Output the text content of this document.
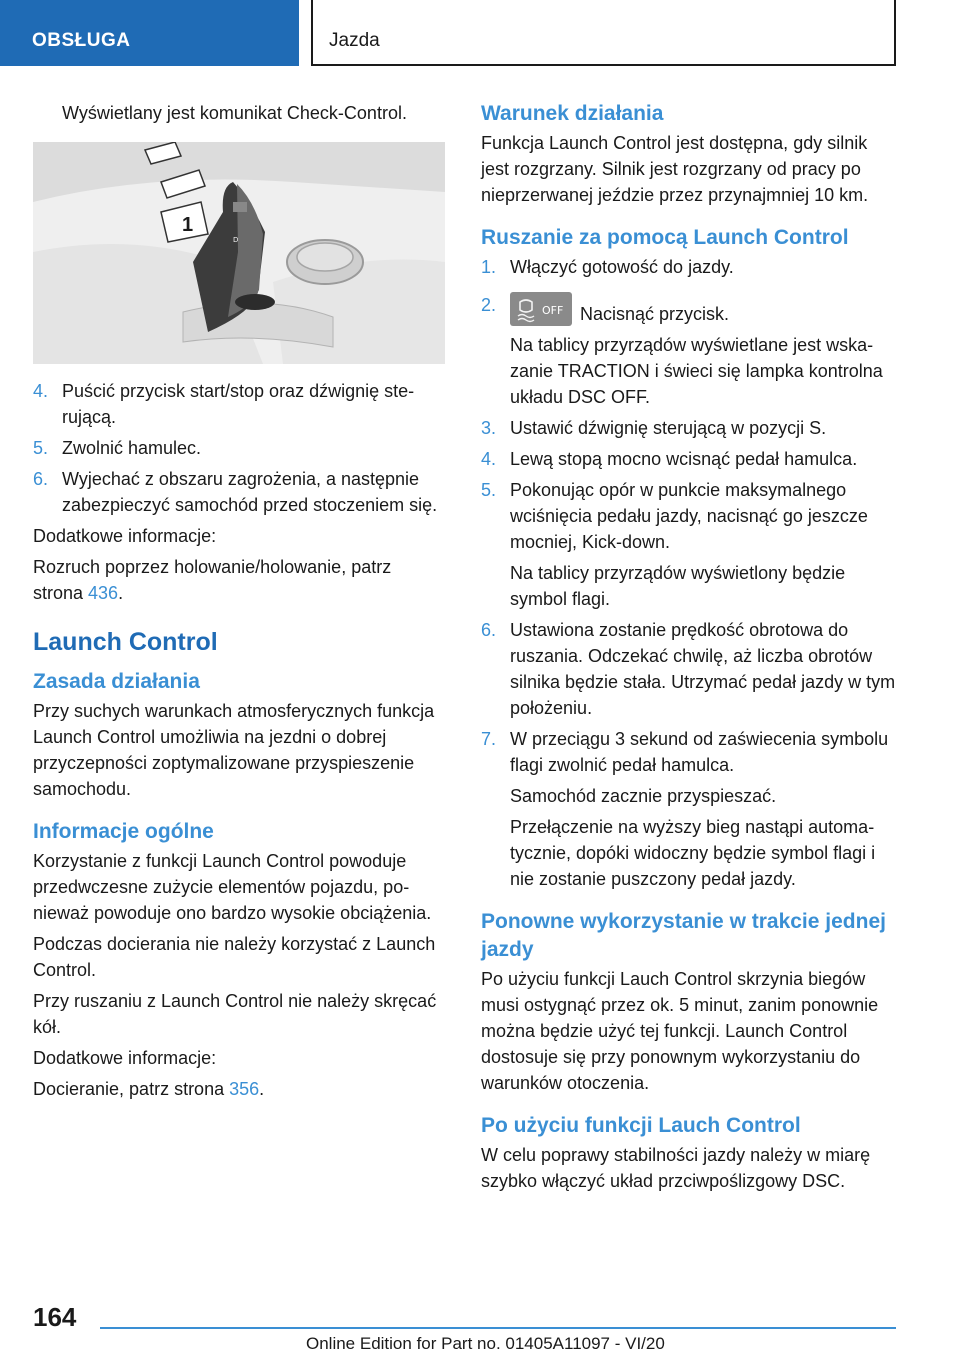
OBSŁUGA	Jazda

Wyświetlany jest komunikat Check-Control.

D
1
4. Puścić przycisk start/stop oraz dźwignię sterującą.
5. Zwolnić hamulec.
6. Wyjechać z obszaru zagrożenia, a następnie zabezpieczyć samochód przed stoczeniem się.

Dodatkowe informacje:

Rozruch poprzez holowanie/holowanie, patrz strona 436.

Launch Control
Zasada działania

Przy suchych warunkach atmosferycznych funkcja Launch Control umożliwia na jezdni o dobrej przyczepności zoptymalizowane przyspieszenie samochodu.

Informacje ogólne

Korzystanie z funkcji Launch Control powoduje przedwczesne zużycie elementów pojazdu, ponieważ powoduje ono bardzo wysokie obciążenia.

Podczas docierania nie należy korzystać z Launch Control.

Przy ruszaniu z Launch Control nie należy skręcać kół.

Dodatkowe informacje:

Docieranie, patrz strona 356.

Warunek działania

Funkcja Launch Control jest dostępna, gdy silnik jest rozgrzany. Silnik jest rozgrzany od pracy po nieprzerwanej jeździe przez przynajmniej 10 km.

Ruszanie za pomocą Launch Control
1. Włączyć gotowość do jazdy.
2.	OFF Nacisnąć przycisk.
Na tablicy przyrządów wyświetlane jest wskazanie TRACTION i świeci się lampka kontrolna układu DSC OFF.
3. Ustawić dźwignię sterującą w pozycji S.
4. Lewą stopą mocno wcisnąć pedał hamulca.
5. Pokonując opór w punkcie maksymalnego wciśnięcia pedału jazdy, nacisnąć go jeszcze mocniej, Kick-down.
Na tablicy przyrządów wyświetlony będzie symbol flagi.
6. Ustawiona zostanie prędkość obrotowa do ruszania. Odczekać chwilę, aż liczba obrotów silnika będzie stała. Utrzymać pedał jazdy w tym położeniu.
7. W przeciągu 3 sekund od zaświecenia symbolu flagi zwolnić pedał hamulca.
Samochód zacznie przyspieszać.
Przełączenie na wyższy bieg nastąpi automatycznie, dopóki widoczny będzie symbol flagi i nie zostanie puszczony pedał jazdy.
Ponowne wykorzystanie w trakcie jednej jazdy

Po użyciu funkcji Lauch Control skrzynia biegów musi ostygnąć przez ok. 5 minut, zanim ponownie można będzie użyć tej funkcji. Launch Control dostosuje się przy ponownym wykorzystaniu do warunków otoczenia.

Po użyciu funkcji Lauch Control

W celu poprawy stabilności jazdy należy w miarę szybko włączyć układ przciwpoślizgowy DSC.

164
Online Edition for Part no. 01405A11097 - VI/20
